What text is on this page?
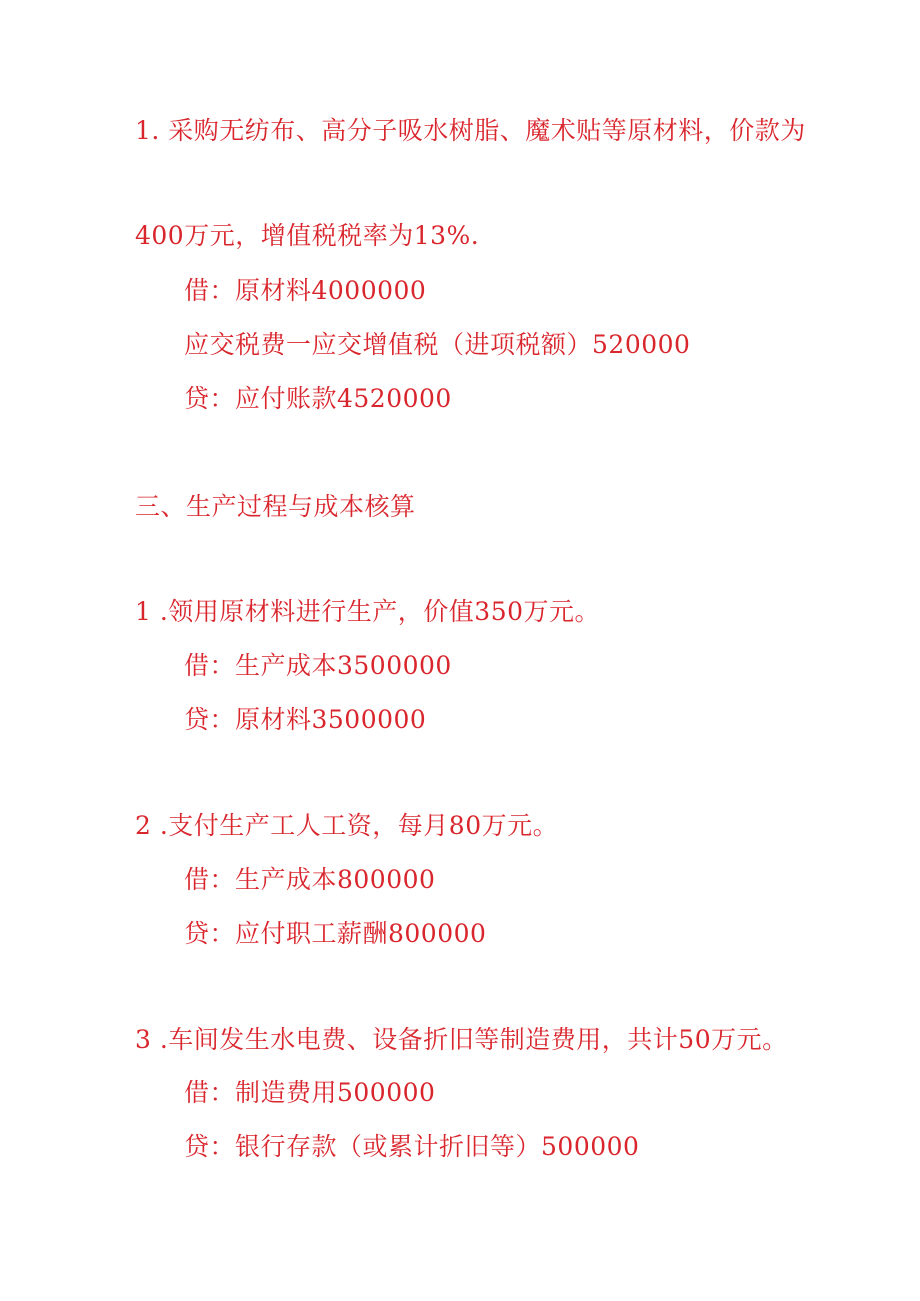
1. 采购无纺布、高分子吸水树脂、魔术贴等原材料，价款为
400万元，增值税税率为13%.
借：原材料4000000
应交税费一应交增值税（进项税额）520000
贷：应付账款4520000
三、生产过程与成本核算
1 .领用原材料进行生产，价值350万元。
借：生产成本3500000
贷：原材料3500000
2 .支付生产工人工资，每月80万元。
借：生产成本800000
贷：应付职工薪酬800000
3 .车间发生水电费、设备折旧等制造费用，共计50万元。
借：制造费用500000
贷：银行存款（或累计折旧等）500000
